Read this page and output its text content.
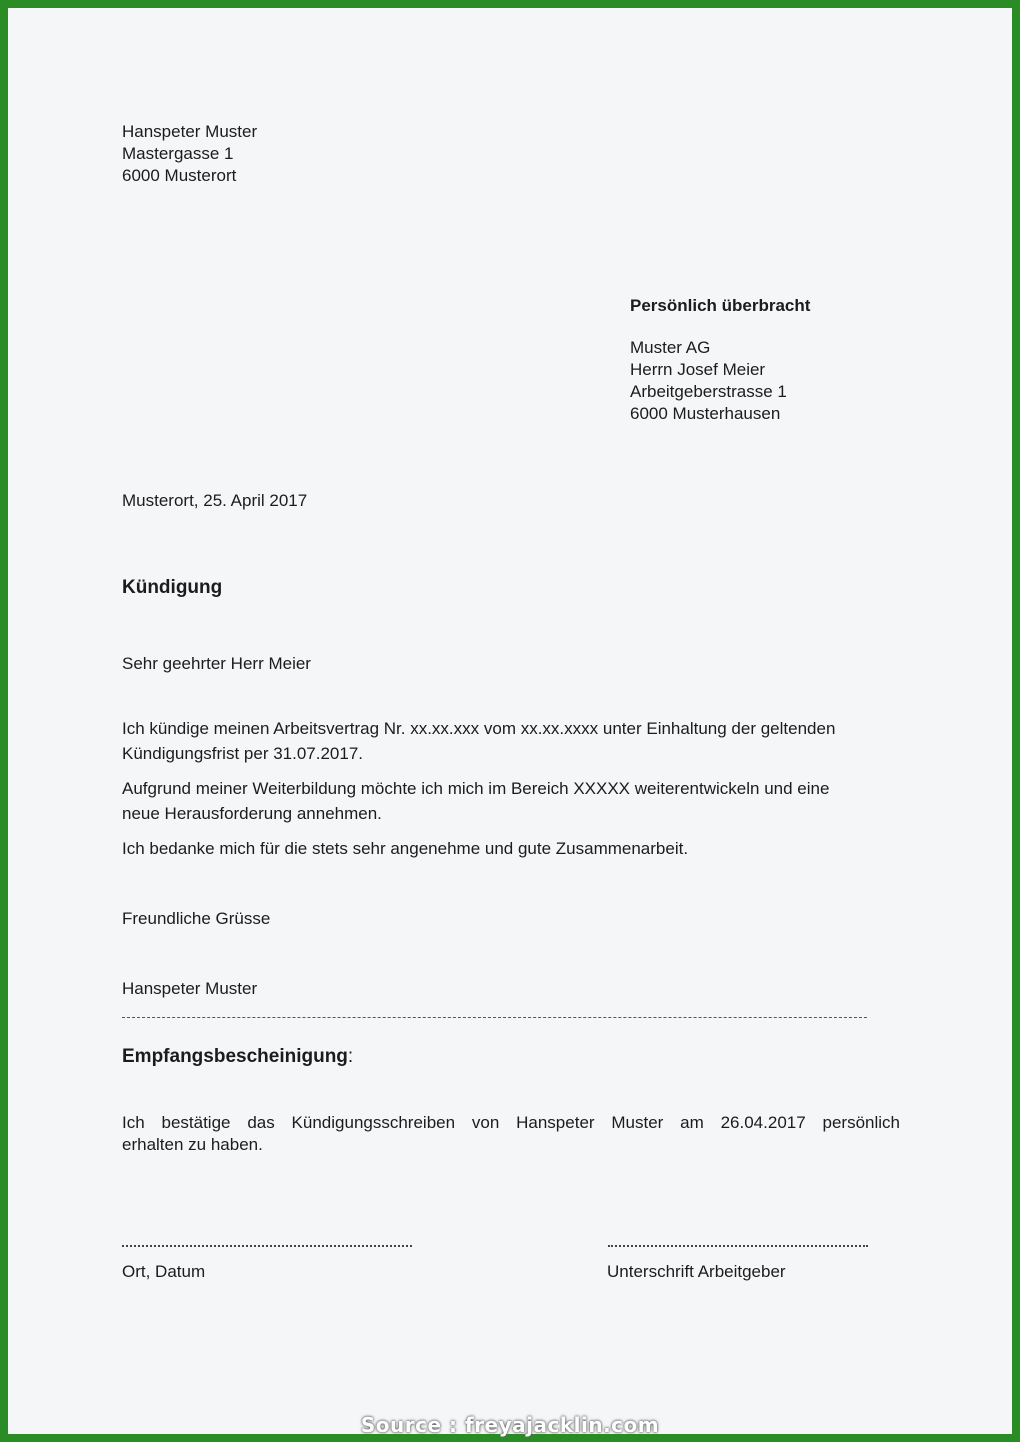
Hanspeter Muster
Mastergasse 1
6000 Musterort
Persönlich überbracht
Muster AG
Herrn Josef Meier
Arbeitgeberstrasse 1
6000 Musterhausen
Musterort, 25. April 2017
Kündigung
Sehr geehrter Herr Meier
Ich kündige meinen Arbeitsvertrag Nr. xx.xx.xxx vom xx.xx.xxxx unter Einhaltung der geltenden
Kündigungsfrist per 31.07.2017.
Aufgrund meiner Weiterbildung möchte ich mich im Bereich XXXXX weiterentwickeln und eine
neue Herausforderung annehmen.
Ich bedanke mich für die stets sehr angenehme und gute Zusammenarbeit.
Freundliche Grüsse
Hanspeter Muster
Empfangsbescheinigung:
Ich bestätige das Kündigungsschreiben von Hanspeter Muster am 26.04.2017 persönlich
erhalten zu haben.
Ort, Datum	Unterschrift Arbeitgeber
Source : freyajacklin.com
